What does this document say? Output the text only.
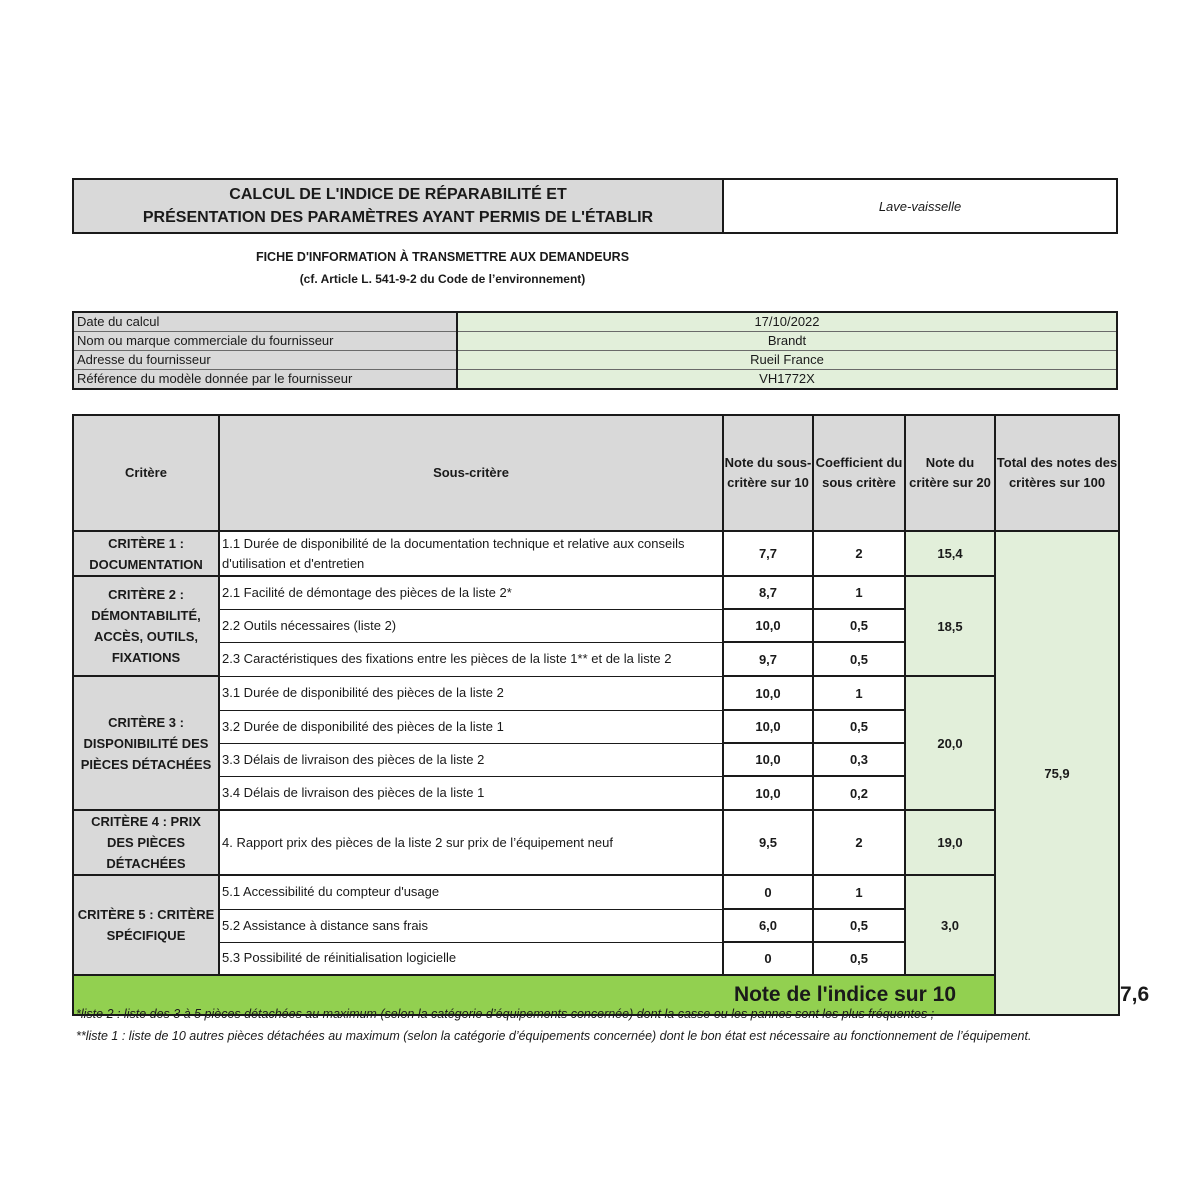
CALCUL DE L'INDICE DE RÉPARABILITÉ ET
PRÉSENTATION DES PARAMÈTRES AYANT PERMIS DE L'ÉTABLIR
Lave-vaisselle
FICHE D'INFORMATION À TRANSMETTRE AUX DEMANDEURS
(cf. Article L. 541-9-2 du Code de l’environnement)
Date du calcul	17/10/2022
Nom ou marque commerciale du fournisseur	Brandt
Adresse du fournisseur	Rueil France
Référence du modèle donnée par le fournisseur	VH1772X
Critère	Sous-critère	Note du sous-critère sur 10	Coefficient du sous critère	Note du critère sur 20	Total des notes des critères sur 100	
CRITÈRE 1 : DOCUMENTATION	1.1 Durée de disponibilité de la documentation technique et relative aux conseils d'utilisation et d'entretien	7,7	2	15,4	75,9	
CRITÈRE 2 : DÉMONTABILITÉ, ACCÈS, OUTILS, FIXATIONS	2.1 Facilité de démontage des pièces de la liste 2*	8,7	1	18,5		
	2.2 Outils nécessaires (liste 2)	10,0	0,5			
	2.3 Caractéristiques des fixations entre les pièces de la liste 1** et de la liste 2	9,7	0,5			
CRITÈRE 3 : DISPONIBILITÉ DES PIÈCES DÉTACHÉES	3.1 Durée de disponibilité des pièces de la liste 2	10,0	1	20,0		
	3.2 Durée de disponibilité des pièces de la liste 1	10,0	0,5			
	3.3 Délais de livraison des pièces de la liste 2	10,0	0,3			
	3.4 Délais de livraison des pièces de la liste 1	10,0	0,2			
CRITÈRE 4 : PRIX DES PIÈCES DÉTACHÉES	4. Rapport prix des pièces de la liste 2 sur prix de l’équipement neuf	9,5	2	19,0		
CRITÈRE 5 : CRITÈRE SPÉCIFIQUE	5.1 Accessibilité du compteur d'usage	0	1	3,0		
	5.2 Assistance à distance sans frais	6,0	0,5			
	5.3 Possibilité de réinitialisation logicielle	0	0,5			
Note de l'indice sur 10						7,6
*liste 2 : liste des 3 à 5 pièces détachées au maximum (selon la catégorie d’équipements concernée) dont la casse ou les pannes sont les plus fréquentes ;
**liste 1 : liste de 10 autres pièces détachées au maximum (selon la catégorie d’équipements concernée) dont le bon état est nécessaire au fonctionnement de l’équipement.
